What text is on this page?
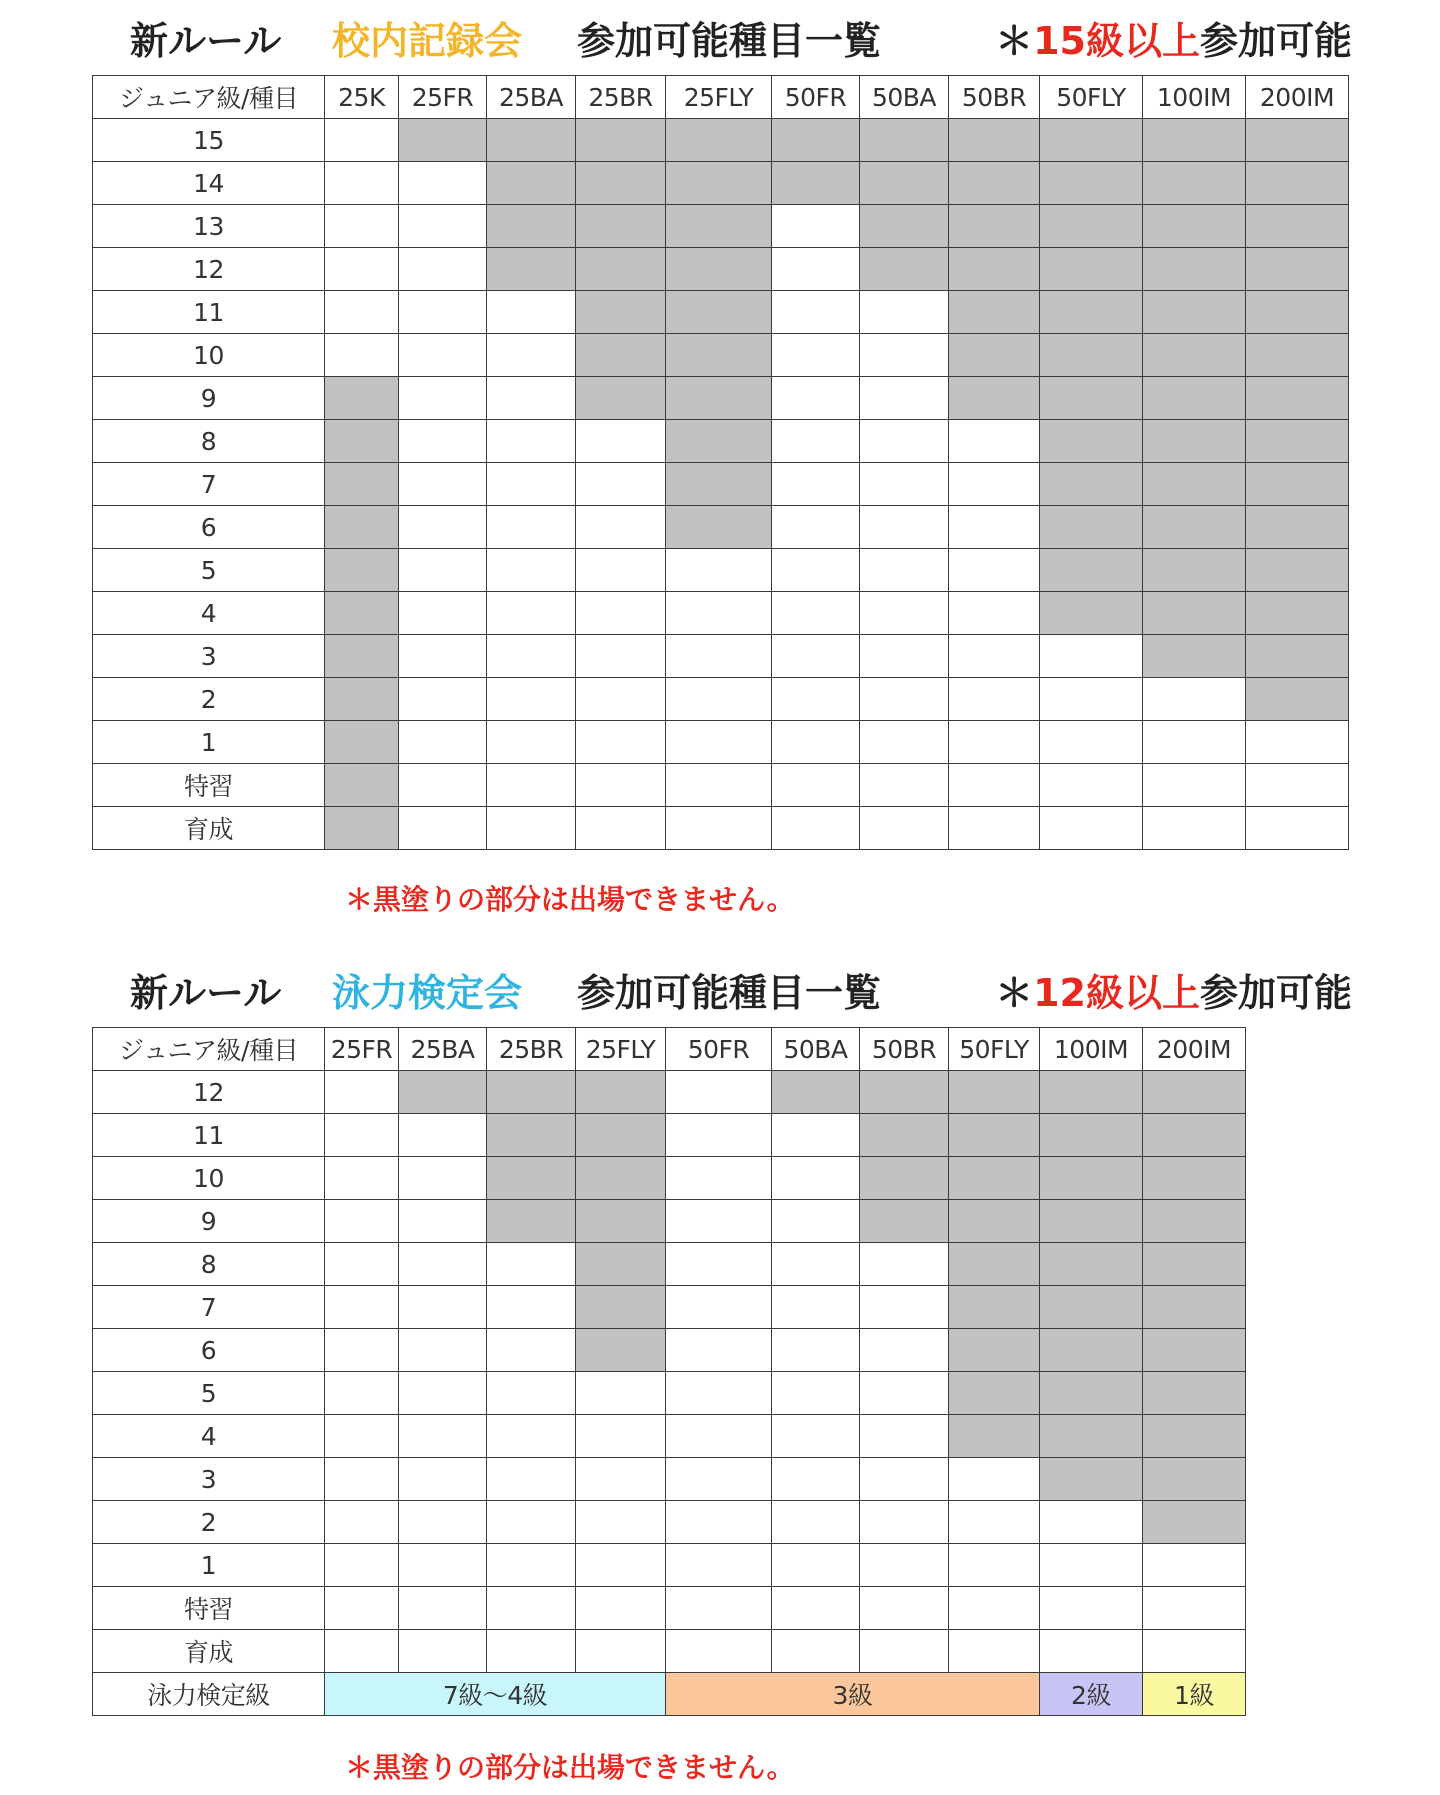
新ルール 校内記録会 参加可能種目一覧	＊15級以上参加可能
ジュニア級/種目	25K	25FR	25BA	25BR	25FLY	50FR	50BA	50BR	50FLY	100IM	200IM
15											
14											
13											
12											
11											
10											
9											
8											
7											
6											
5											
4											
3											
2											
1											
特習											
育成											
＊黒塗りの部分は出場できません。
新ルール 泳力検定会 参加可能種目一覧	＊12級以上参加可能
ジュニア級/種目	25FR	25BA	25BR	25FLY	50FR	50BA	50BR	50FLY	100IM	200IM
12										
11										
10										
9										
8										
7										
6										
5										
4										
3										
2										
1										
特習										
育成										
泳力検定級	7級〜4級				3級				2級	1級
＊黒塗りの部分は出場できません。
